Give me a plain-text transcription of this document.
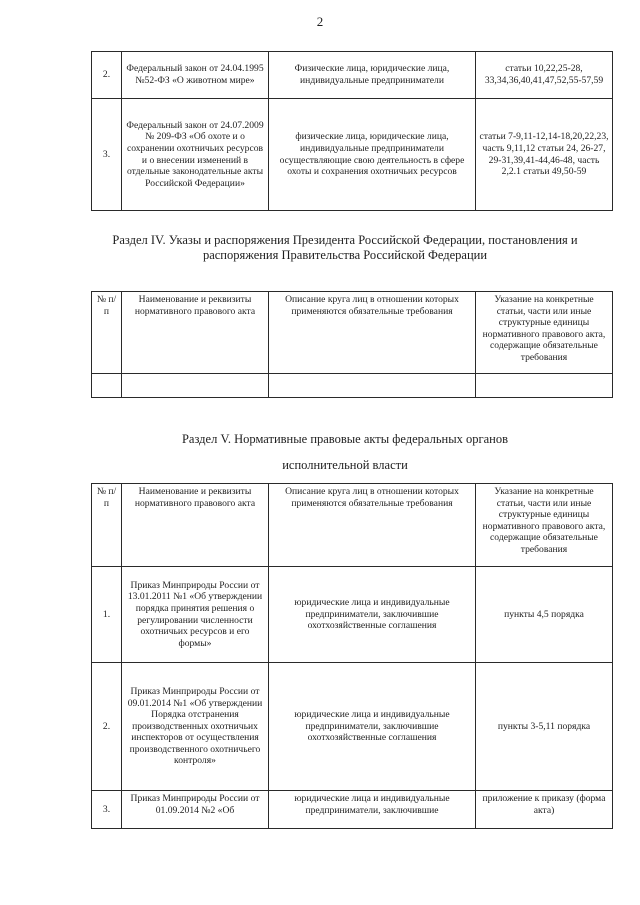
2
2.	Федеральный закон от 24.04.1995 №52-ФЗ «О животном мире»	Физические лица, юридические лица, индивидуальные предприниматели	статьи 10,22,25-28, 33,34,36,40,41,47,52,55-57,59
3.	Федеральный закон от 24.07.2009 № 209-ФЗ «Об охоте и о сохранении охотничьих ресурсов и о внесении изменений в отдельные законодательные акты Российской Федерации»	физические лица, юридические лица, индивидуальные предприниматели осуществляющие свою деятельность в сфере охоты и сохранения охотничьих ресурсов	статьи 7-9,11-12,14-18,20,22,23, часть 9,11,12 статьи 24, 26-27, 29-31,39,41-44,46-48, часть 2,2.1 статьи 49,50-59
Раздел IV. Указы и распоряжения Президента Российской Федерации, постановления и распоряжения Правительства Российской Федерации
№ п/п	Наименование и реквизиты нормативного правового акта	Описание круга лиц в отношении которых применяются обязательные требования	Указание на конкретные статьи, части или иные структурные единицы нормативного правового акта, содержащие обязательные требования

Раздел V. Нормативные правовые акты федеральных органов
исполнительной власти
№ п/п	Наименование и реквизиты нормативного правового акта	Описание круга лиц в отношении которых применяются обязательные требования	Указание на конкретные статьи, части или иные структурные единицы нормативного правового акта, содержащие обязательные требования
1.	Приказ Минприроды России от 13.01.2011 №1 «Об утверждении порядка принятия решения о регулировании численности охотничьих ресурсов и его формы»	юридические лица и индивидуальные предприниматели, заключившие охотхозяйственные соглашения	пункты 4,5 порядка
2.	Приказ Минприроды России от 09.01.2014 №1 «Об утверждении Порядка отстранения производственных охотничьих инспекторов от осуществления производственного охотничьего контроля»	юридические лица и индивидуальные предприниматели, заключившие охотхозяйственные соглашения	пункты 3-5,11 порядка
3.	Приказ Минприроды России от 01.09.2014 №2 «Об	юридические лица и индивидуальные предприниматели, заключившие	приложение к приказу (форма акта)
